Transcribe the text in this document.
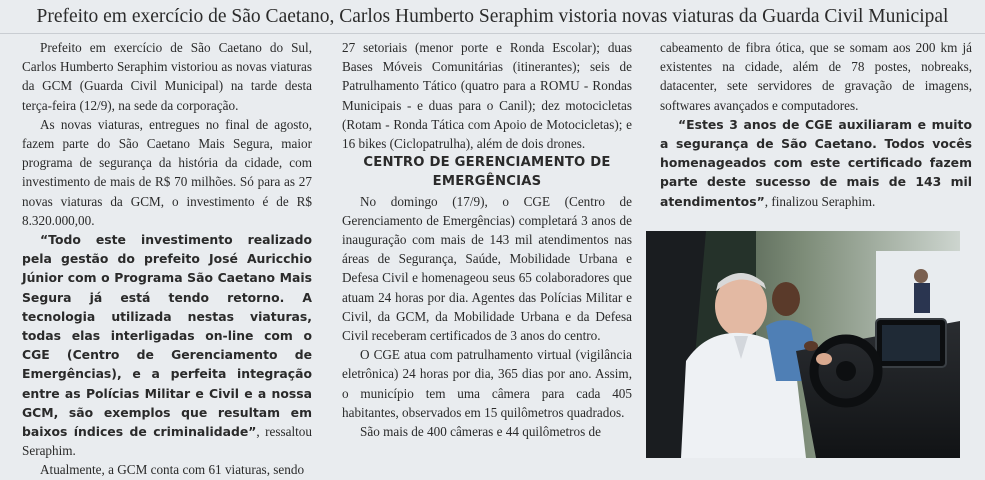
Prefeito em exercício de São Caetano, Carlos Humberto Seraphim vistoria novas viaturas da Guarda Civil Municipal

Prefeito em exercício de São Caetano do Sul, Carlos Humberto Seraphim vistoriou as novas viaturas da GCM (Guarda Civil Municipal) na tarde desta terça-feira (12/9), na sede da corporação.

As novas viaturas, entregues no final de agosto, fazem parte do São Caetano Mais Segura, maior programa de segurança da história da cidade, com investimento de mais de R$ 70 milhões. Só para as 27 novas viaturas da GCM, o investimento é de R$ 8.320.000,00.

“Todo este investimento realizado pela gestão do prefeito José Auricchio Júnior com o Programa São Caetano Mais Segura já está tendo retorno. A tecnologia utilizada nestas viaturas, todas elas interligadas on-line com o CGE (Centro de Gerenciamento de Emergências), e a perfeita integração entre as Polícias Militar e Civil e a nossa GCM, são exemplos que resultam em baixos índices de criminalidade”, ressaltou Seraphim.

Atualmente, a GCM conta com 61 viaturas, sendo

27 setoriais (menor porte e Ronda Escolar); duas Bases Móveis Comunitárias (itinerantes); seis de Patrulhamento Tático (quatro para a ROMU - Rondas Municipais - e duas para o Canil); dez motocicletas (Rotam - Ronda Tática com Apoio de Motocicletas); e 16 bikes (Ciclopatrulha), além de dois drones.

CENTRO DE GERENCIAMENTO DE EMERGÊNCIAS

No domingo (17/9), o CGE (Centro de Gerenciamento de Emergências) completará 3 anos de inauguração com mais de 143 mil atendimentos nas áreas de Segurança, Saúde, Mobilidade Urbana e Defesa Civil e homenageou seus 65 colaboradores que atuam 24 horas por dia. Agentes das Polícias Militar e Civil, da GCM, da Mobilidade Urbana e da Defesa Civil receberam certificados de 3 anos do centro.

O CGE atua com patrulhamento virtual (vigilância eletrônica) 24 horas por dia, 365 dias por ano. Assim, o município tem uma câmera para cada 405 habitantes, observados em 15 quilômetros quadrados.

São mais de 400 câmeras e 44 quilômetros de

cabeamento de fibra ótica, que se somam aos 200 km já existentes na cidade, além de 78 postes, nobreaks, datacenter, sete servidores de gravação de imagens, softwares avançados e computadores.

“Estes 3 anos de CGE auxiliaram e muito a segurança de São Caetano. Todos vocês homenageados com este certificado fazem parte deste sucesso de mais de 143 mil atendimentos”, finalizou Seraphim.
